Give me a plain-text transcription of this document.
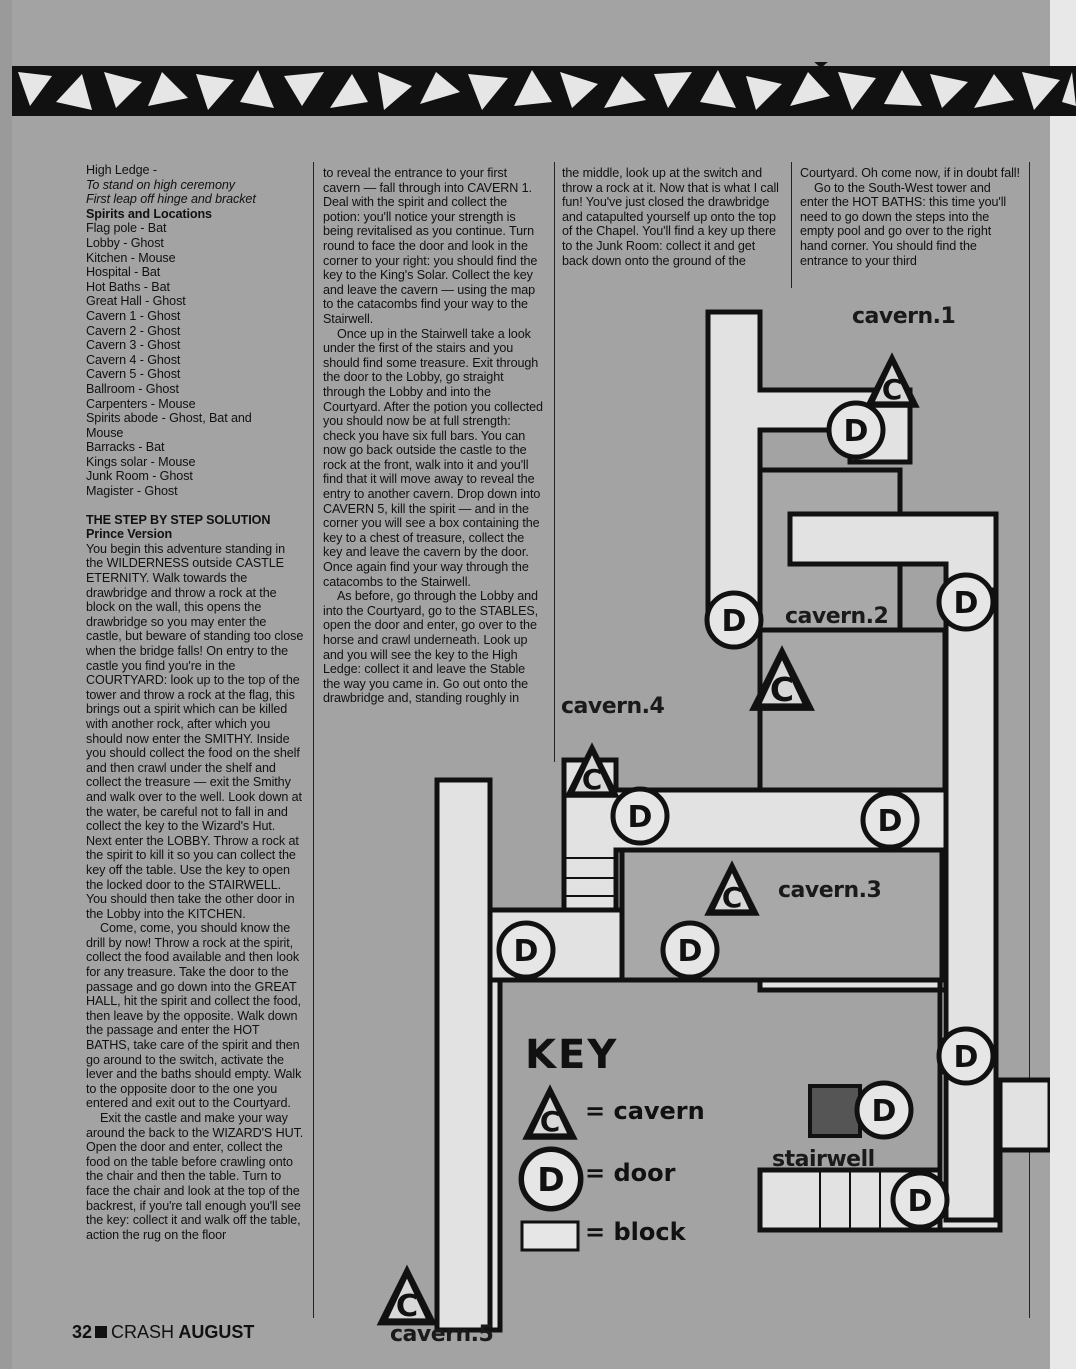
High Ledge -

To stand on high ceremony

First leap off hinge and bracket

Spirits and Locations

Flag pole - Bat

Lobby - Ghost

Kitchen - Mouse

Hospital - Bat

Hot Baths - Bat

Great Hall - Ghost

Cavern 1 - Ghost

Cavern 2 - Ghost

Cavern 3 - Ghost

Cavern 4 - Ghost

Cavern 5 - Ghost

Ballroom - Ghost

Carpenters - Mouse

Spirits abode - Ghost, Bat and

Mouse

Barracks - Bat

Kings solar - Mouse

Junk Room - Ghost

Magister - Ghost

THE STEP BY STEP SOLUTION

Prince Version

You begin this adventure standing in the WILDERNESS outside CASTLE ETERNITY. Walk towards the drawbridge and throw a rock at the block on the wall, this opens the drawbridge so you may enter the castle, but beware of standing too close when the bridge falls! On entry to the castle you find you're in the COURTYARD: look up to the top of the tower and throw a rock at the flag, this brings out a spirit which can be killed with another rock, after which you should now enter the SMITHY. Inside you should collect the food on the shelf and then crawl under the shelf and collect the treasure — exit the Smithy and walk over to the well. Look down at the water, be careful not to fall in and collect the key to the Wizard's Hut. Next enter the LOBBY. Throw a rock at the spirit to kill it so you can collect the key off the table. Use the key to open the locked door to the STAIRWELL. You should then take the other door in the Lobby into the KITCHEN.

Come, come, you should know the drill by now! Throw a rock at the spirit, collect the food available and then look for any treasure. Take the door to the passage and go down into the GREAT HALL, hit the spirit and collect the food, then leave by the opposite. Walk down the passage and enter the HOT BATHS, take care of the spirit and then go around to the switch, activate the lever and the baths should empty. Walk to the opposite door to the one you entered and exit out to the Courtyard.

Exit the castle and make your way around the back to the WIZARD'S HUT. Open the door and enter, collect the food on the table before crawling onto the chair and then the table. Turn to face the chair and look at the top of the backrest, if you're tall enough you'll see the key: collect it and walk off the table, action the rug on the floor

to reveal the entrance to your first cavern — fall through into CAVERN 1. Deal with the spirit and collect the potion: you'll notice your strength is being revitalised as you continue. Turn round to face the door and look in the corner to your right: you should find the key to the King's Solar. Collect the key and leave the cavern — using the map to the catacombs find your way to the Stairwell.

Once up in the Stairwell take a look under the first of the stairs and you should find some treasure. Exit through the door to the Lobby, go straight through the Lobby and into the Courtyard. After the potion you collected you should now be at full strength: check you have six full bars. You can now go back outside the castle to the rock at the front, walk into it and you'll find that it will move away to reveal the entry to another cavern. Drop down into CAVERN 5, kill the spirit — and in the corner you will see a box containing the key to a chest of treasure, collect the key and leave the cavern by the door. Once again find your way through the catacombs to the Stairwell.

As before, go through the Lobby and into the Courtyard, go to the STABLES, open the door and enter, go over to the horse and crawl underneath. Look up and you will see the key to the High Ledge: collect it and leave the Stable the way you came in. Go out onto the drawbridge and, standing roughly in

the middle, look up at the switch and throw a rock at it. Now that is what I call fun! You've just closed the drawbridge and catapulted yourself up onto the top of the Chapel. You'll find a key up there to the Junk Room: collect it and get back down onto the ground of the

Courtyard. Oh come now, if in doubt fall!

Go to the South-West tower and enter the HOT BATHS: this time you'll need to go down the steps into the empty pool and go over to the right hand corner. You should find the entrance to your third

cavern.1
cavern.2
cavern.4
cavern.3
stairwell
cavern.5
KEY
= cavern
= door
= block
32 CRASH AUGUST
